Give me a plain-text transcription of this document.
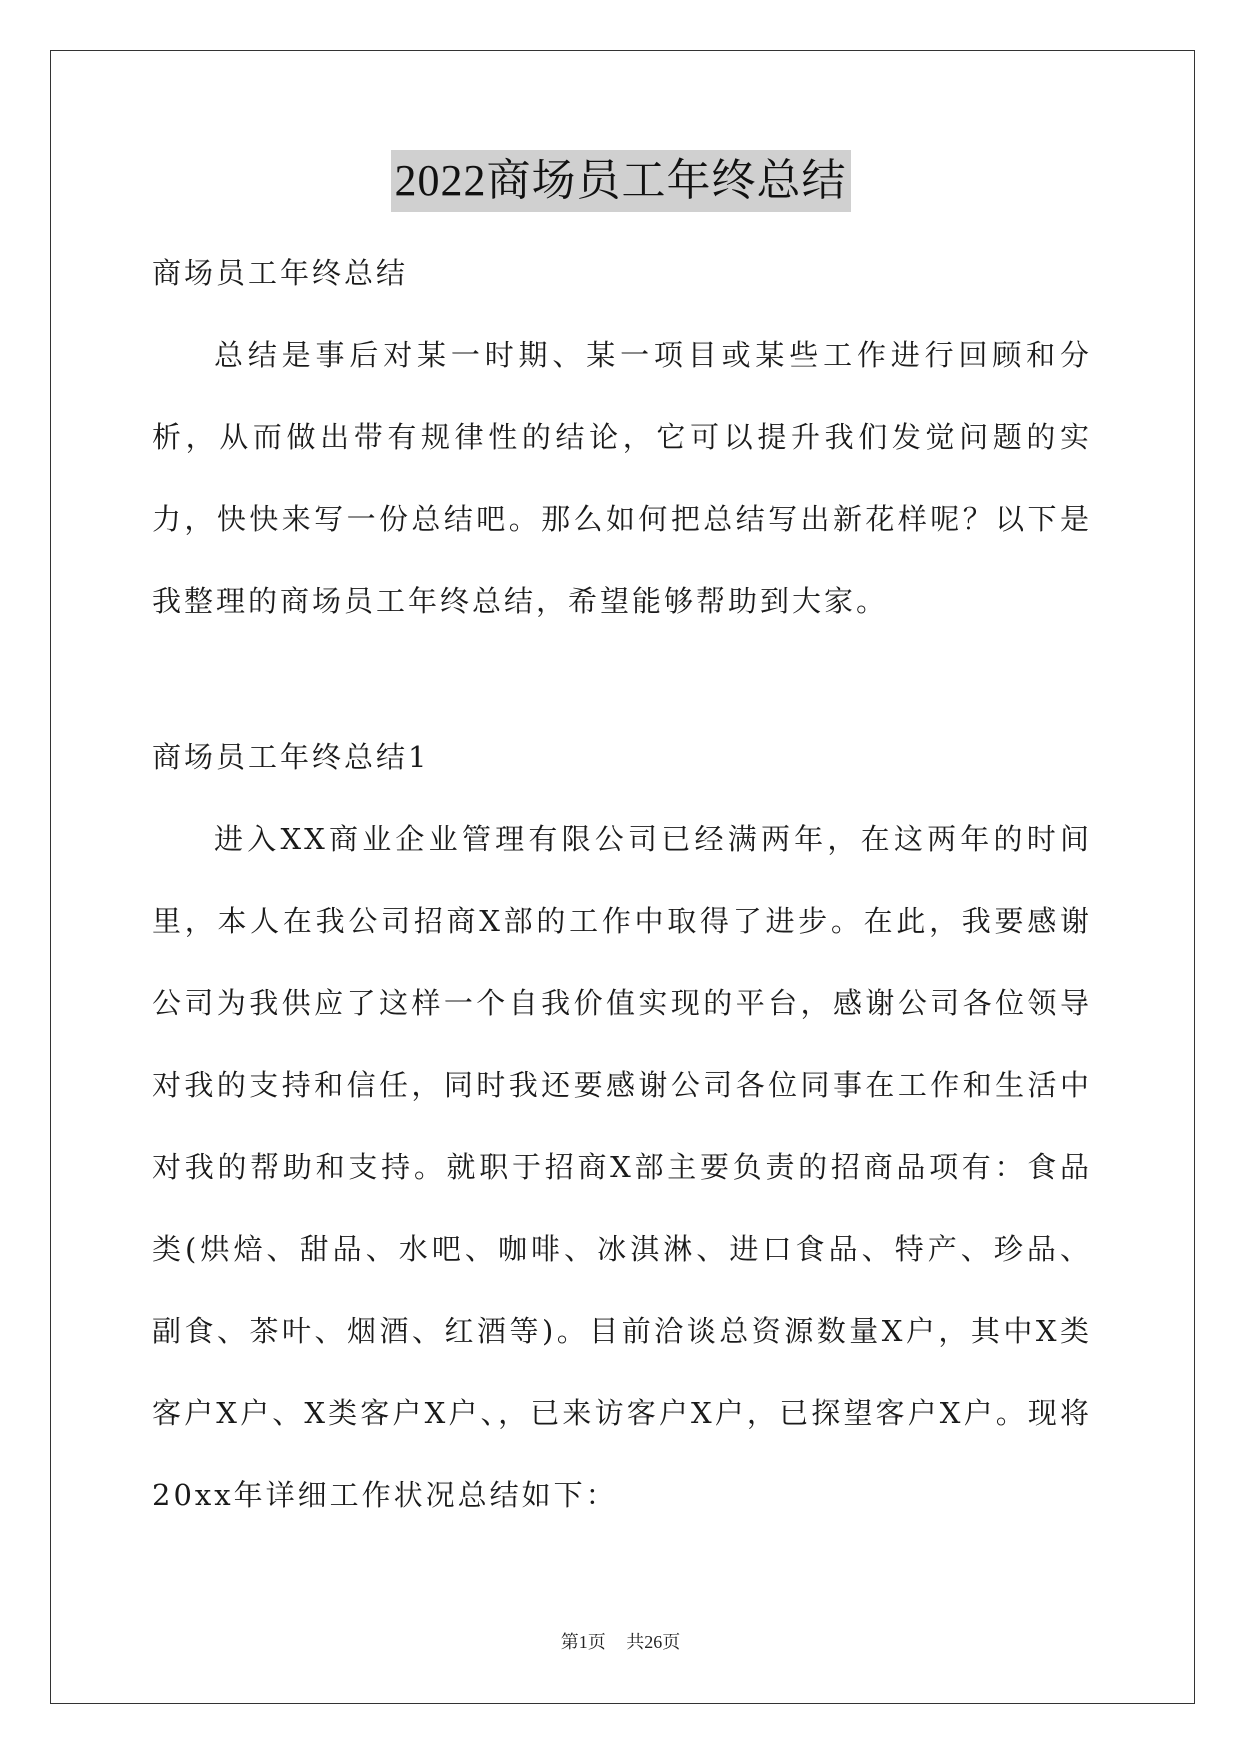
2022商场员工年终总结

商场员工年终总结

总结是事后对某一时期、某一项目或某些工作进行回顾和分析，从而做出带有规律性的结论，它可以提升我们发觉问题的实力，快快来写一份总结吧。那么如何把总结写出新花样呢？以下是我整理的商场员工年终总结，希望能够帮助到大家。

商场员工年终总结1

进入XX商业企业管理有限公司已经满两年，在这两年的时间里，本人在我公司招商X部的工作中取得了进步。在此，我要感谢公司为我供应了这样一个自我价值实现的平台，感谢公司各位领导对我的支持和信任，同时我还要感谢公司各位同事在工作和生活中对我的帮助和支持。就职于招商X部主要负责的招商品项有：食品类(烘焙、甜品、水吧、咖啡、冰淇淋、进口食品、特产、珍品、副食、茶叶、烟酒、红酒等)。目前洽谈总资源数量X户，其中X类客户X户、X类客户X户、，已来访客户X户，已探望客户X户。现将20xx年详细工作状况总结如下：

第1页 共26页
